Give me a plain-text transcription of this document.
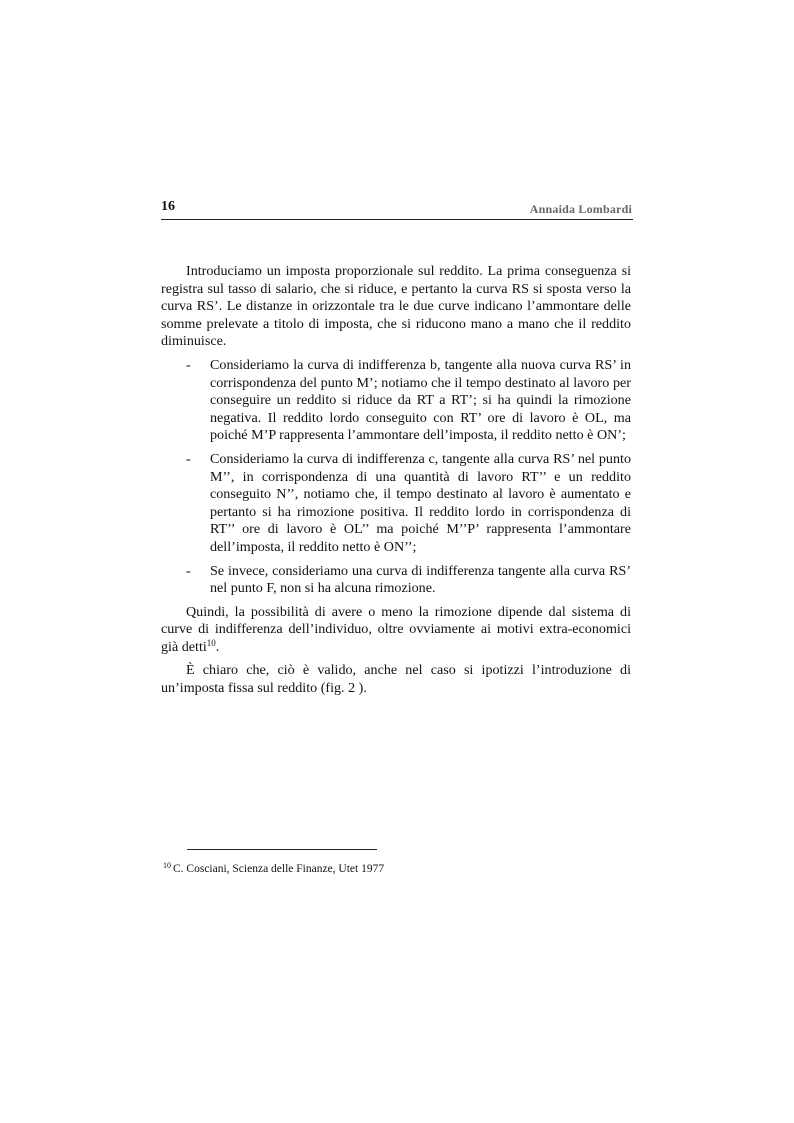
16	Annaida Lombardi

Introduciamo un imposta proporzionale sul reddito. La prima conseguenza si registra sul tasso di salario, che si riduce, e pertanto la curva RS si sposta verso la curva RS’. Le distanze in orizzontale tra le due curve indicano l’ammontare delle somme prelevate a titolo di imposta, che si riducono mano a mano che il reddito diminuisce.

- Consideriamo la curva di indifferenza b, tangente alla nuova curva RS’ in corrispondenza del punto M’; notiamo che il tempo destinato al lavoro per conseguire un reddito si riduce da RT a RT’; si ha quindi la rimozione negativa. Il reddito lordo conseguito con RT’ ore di lavoro è OL, ma poiché M’P rappresenta l’ammontare dell’imposta, il reddito netto è ON’;
- Consideriamo la curva di indifferenza c, tangente alla curva RS’ nel punto M’’, in corrispondenza di una quantità di lavoro RT’’ e un reddito conseguito N’’, notiamo che, il tempo destinato al lavoro è aumentato e pertanto si ha rimozione positiva. Il reddito lordo in corrispondenza di RT’’ ore di lavoro è OL’’ ma poiché M’’P’ rappresenta l’ammontare dell’imposta, il reddito netto è ON’’;
- Se invece, consideriamo una curva di indifferenza tangente alla curva RS’ nel punto F, non si ha alcuna rimozione.

Quindi, la possibilità di avere o meno la rimozione dipende dal sistema di curve di indifferenza dell’individuo, oltre ovviamente ai motivi extra-economici già detti$^{10}$.

È chiaro che, ciò è valido, anche nel caso si ipotizzi l’introduzione di un’imposta fissa sul reddito (fig. 2 ).

$^{10}$ C. Cosciani, Scienza delle Finanze, Utet 1977
